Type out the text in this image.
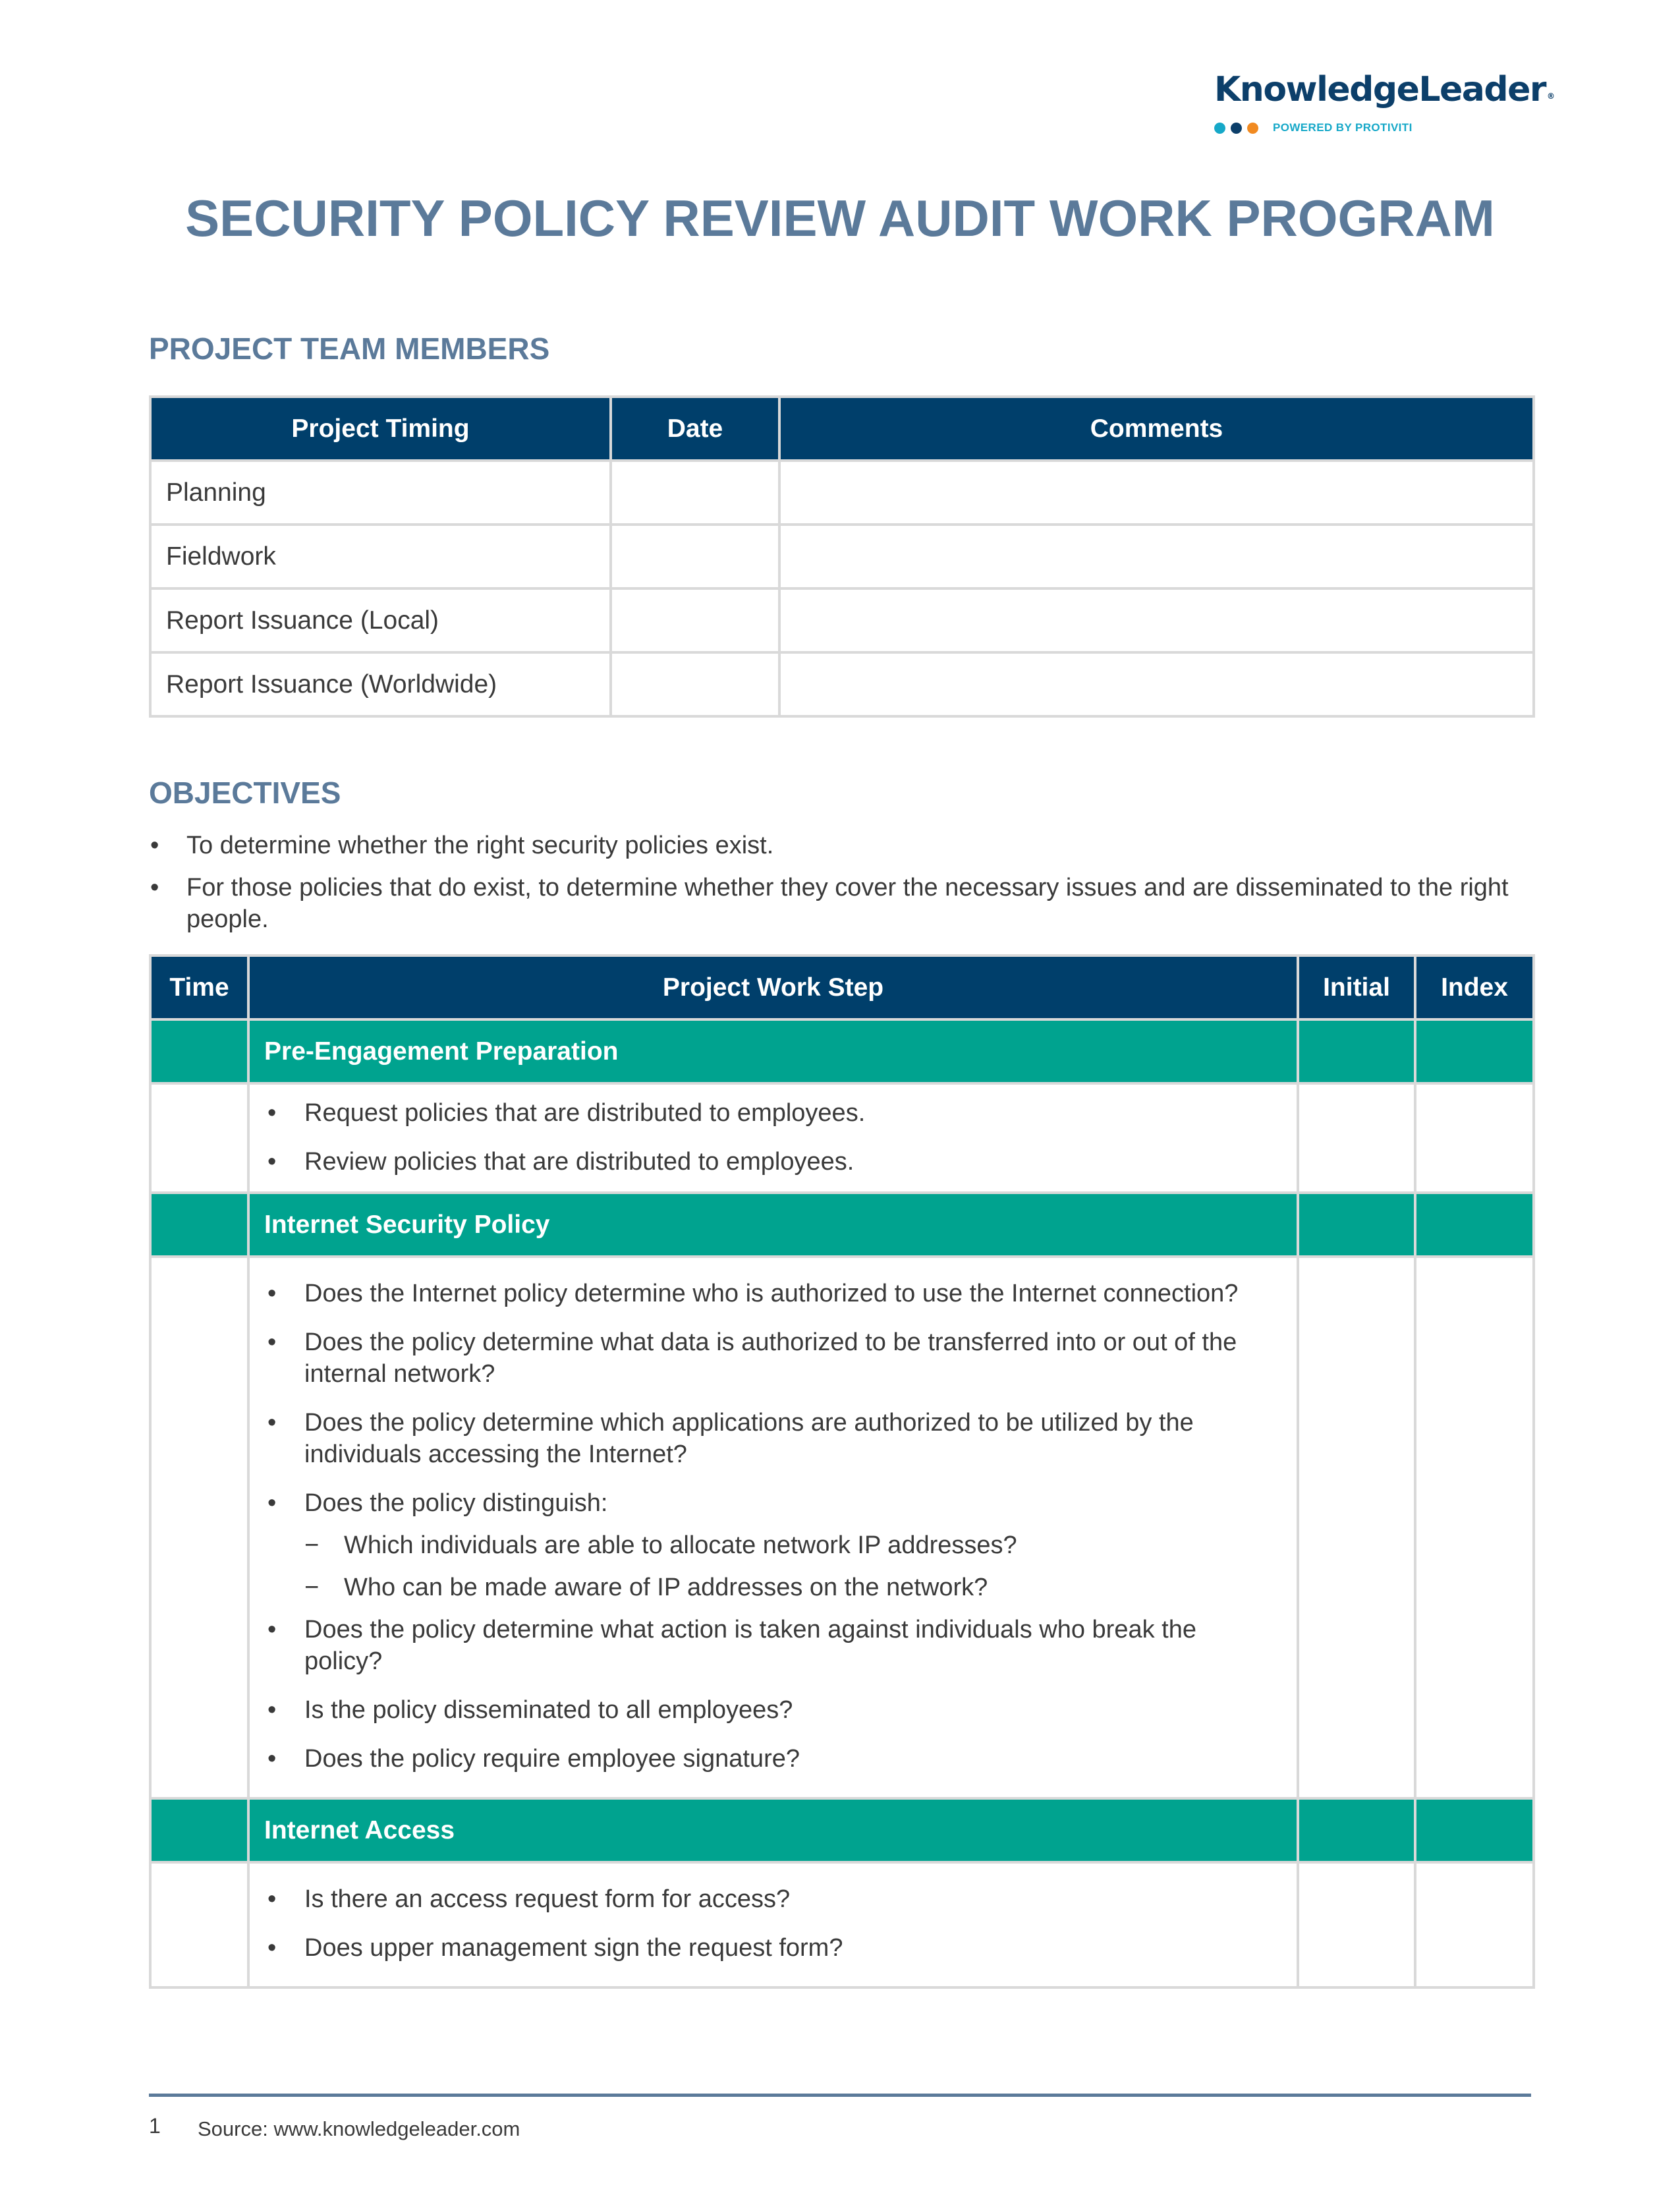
KnowledgeLeader ®
POWERED BY PROTIVITI
SECURITY POLICY REVIEW AUDIT WORK PROGRAM
PROJECT TEAM MEMBERS
Project Timing	Date	Comments
Planning		
Fieldwork		
Report Issuance (Local)		
Report Issuance (Worldwide)		
OBJECTIVES
• To determine whether the right security policies exist.
• For those policies that do exist, to determine whether they cover the necessary issues and are disseminated to the right people.
Time	Project Work Step	Initial	Index
	Pre-Engagement Preparation		

• Request policies that are distributed to employees.
• Review policies that are distributed to employees.

	Internet Security Policy		

• Does the Internet policy determine who is authorized to use the Internet connection?
• Does the policy determine what data is authorized to be transferred into or out of the internal network?
• Does the policy determine which applications are authorized to be utilized by the individuals accessing the Internet?
• Does the policy distinguish:
− Which individuals are able to allocate network IP addresses?
− Who can be made aware of IP addresses on the network?
• Does the policy determine what action is taken against individuals who break the policy?
• Is the policy disseminated to all employees?
• Does the policy require employee signature?

	Internet Access		

• Is there an access request form for access?
• Does upper management sign the request form?

1 Source: www.knowledgeleader.com
